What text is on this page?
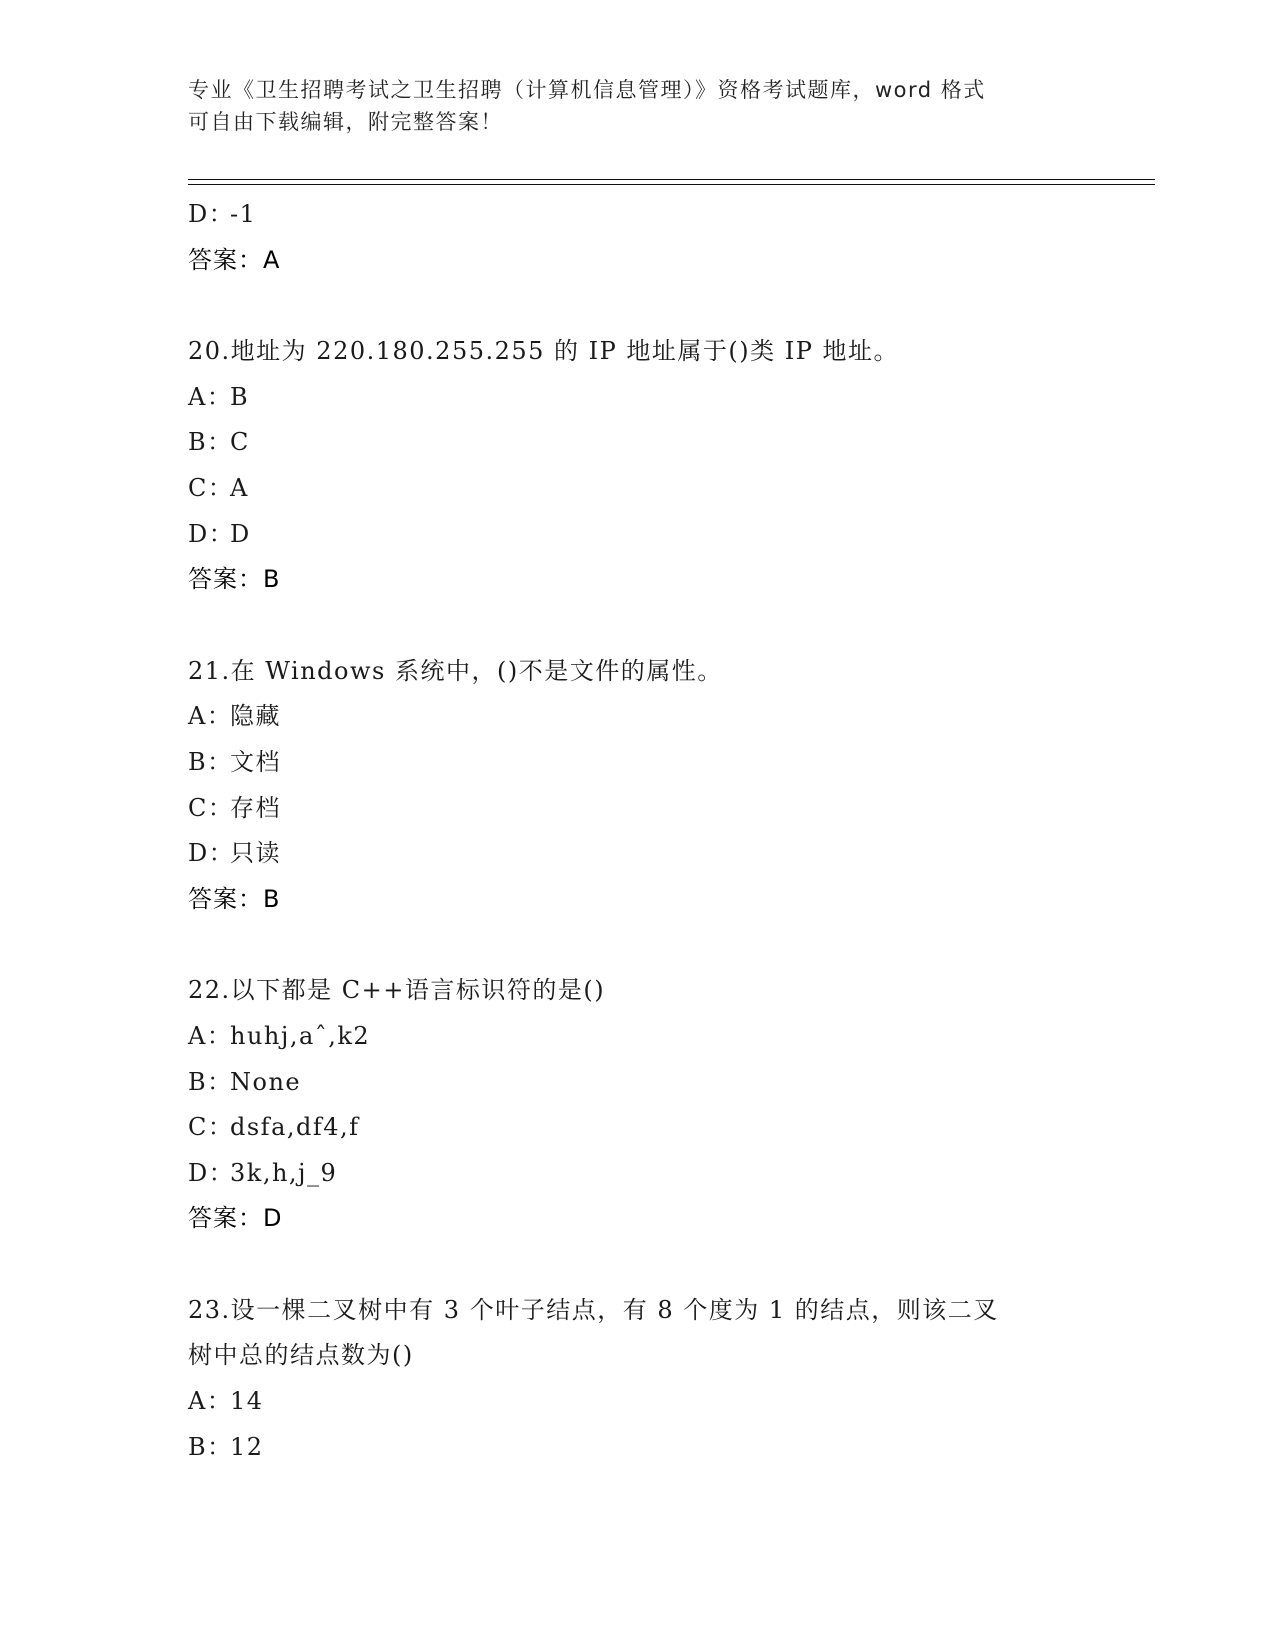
专业《卫生招聘考试之卫生招聘（计算机信息管理）》资格考试题库，word 格式
可自由下载编辑，附完整答案！
D：-1
答案：A
20.地址为 220.180.255.255 的 IP 地址属于()类 IP 地址。
A：B
B：C
C：A
D：D
答案：B
21.在 Windows 系统中，()不是文件的属性。
A：隐藏
B：文档
C：存档
D：只读
答案：B
22.以下都是 C++语言标识符的是()
A：huhj,aˆ,k2
B：None
C：dsfa,df4,f
D：3k,h,j_9
答案：D
23.设一棵二叉树中有 3 个叶子结点，有 8 个度为 1 的结点，则该二叉
树中总的结点数为()
A：14
B：12
